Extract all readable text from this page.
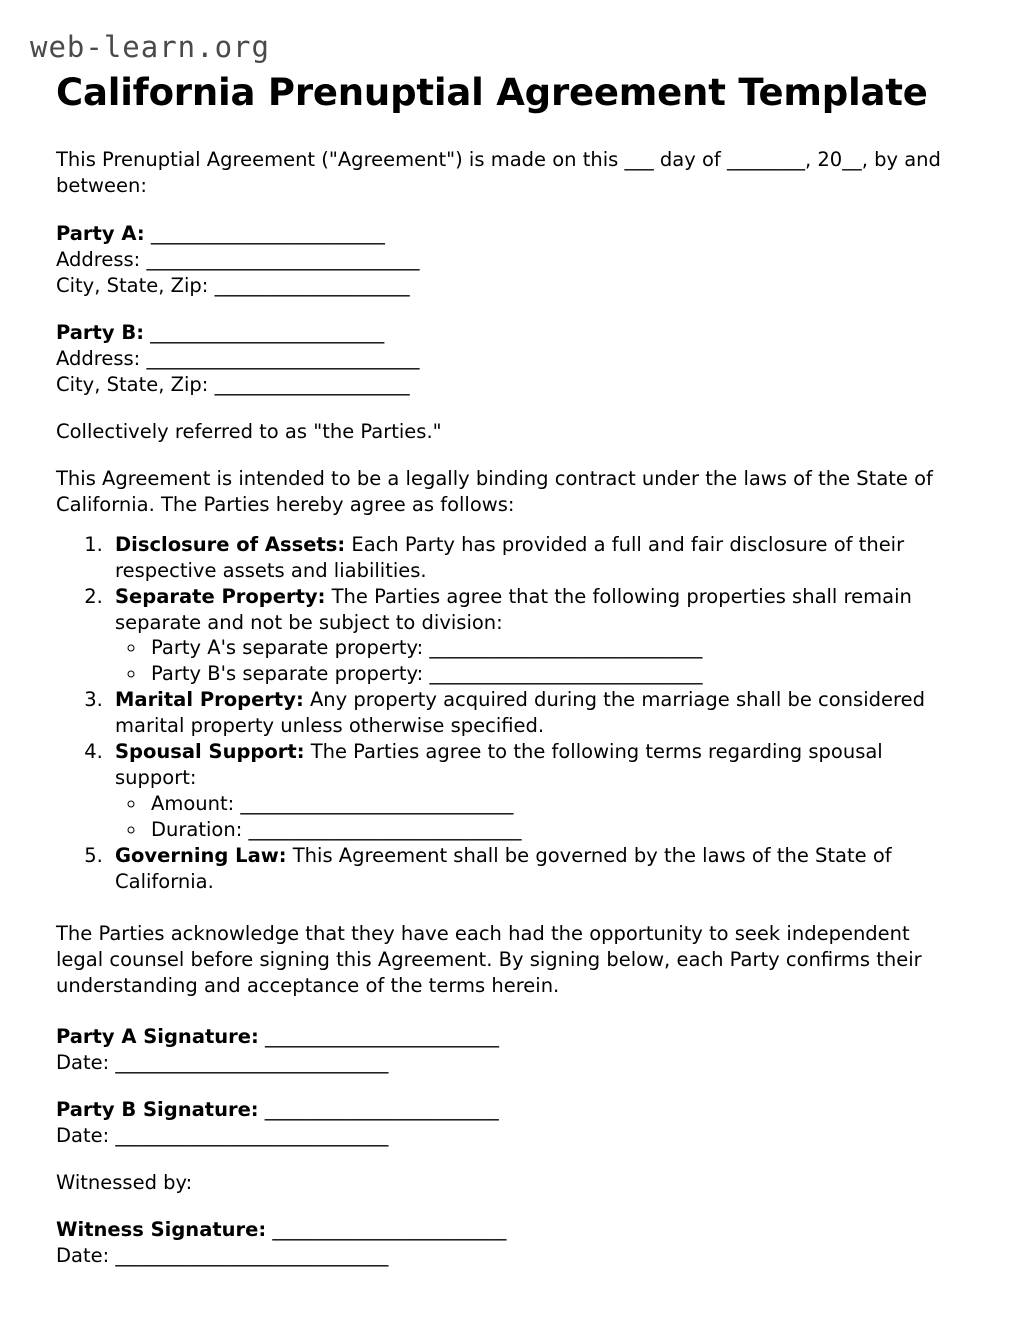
web-learn.org
California Prenuptial Agreement Template

This Prenuptial Agreement ("Agreement") is made on this ___ day of ________, 20__, by and between:

Party A: ________________________
Address: ____________________________
City, State, Zip: ____________________
Party B: ________________________
Address: ____________________________
City, State, Zip: ____________________

Collectively referred to as "the Parties."

This Agreement is intended to be a legally binding contract under the laws of the State of California. The Parties hereby agree as follows:

1. Disclosure of Assets: Each Party has provided a full and fair disclosure of their respective assets and liabilities.
2. Separate Property: The Parties agree that the following properties shall remain separate and not be subject to division:
◦ Party A's separate property: ____________________________
◦ Party B's separate property: ____________________________
3. Marital Property: Any property acquired during the marriage shall be considered marital property unless otherwise specified.
4. Spousal Support: The Parties agree to the following terms regarding spousal support:
◦ Amount: ____________________________
◦ Duration: ____________________________
5. Governing Law: This Agreement shall be governed by the laws of the State of California.

The Parties acknowledge that they have each had the opportunity to seek independent legal counsel before signing this Agreement. By signing below, each Party confirms their understanding and acceptance of the terms herein.

Party A Signature: ________________________
Date: ____________________________
Party B Signature: ________________________
Date: ____________________________

Witnessed by:

Witness Signature: ________________________
Date: ____________________________
